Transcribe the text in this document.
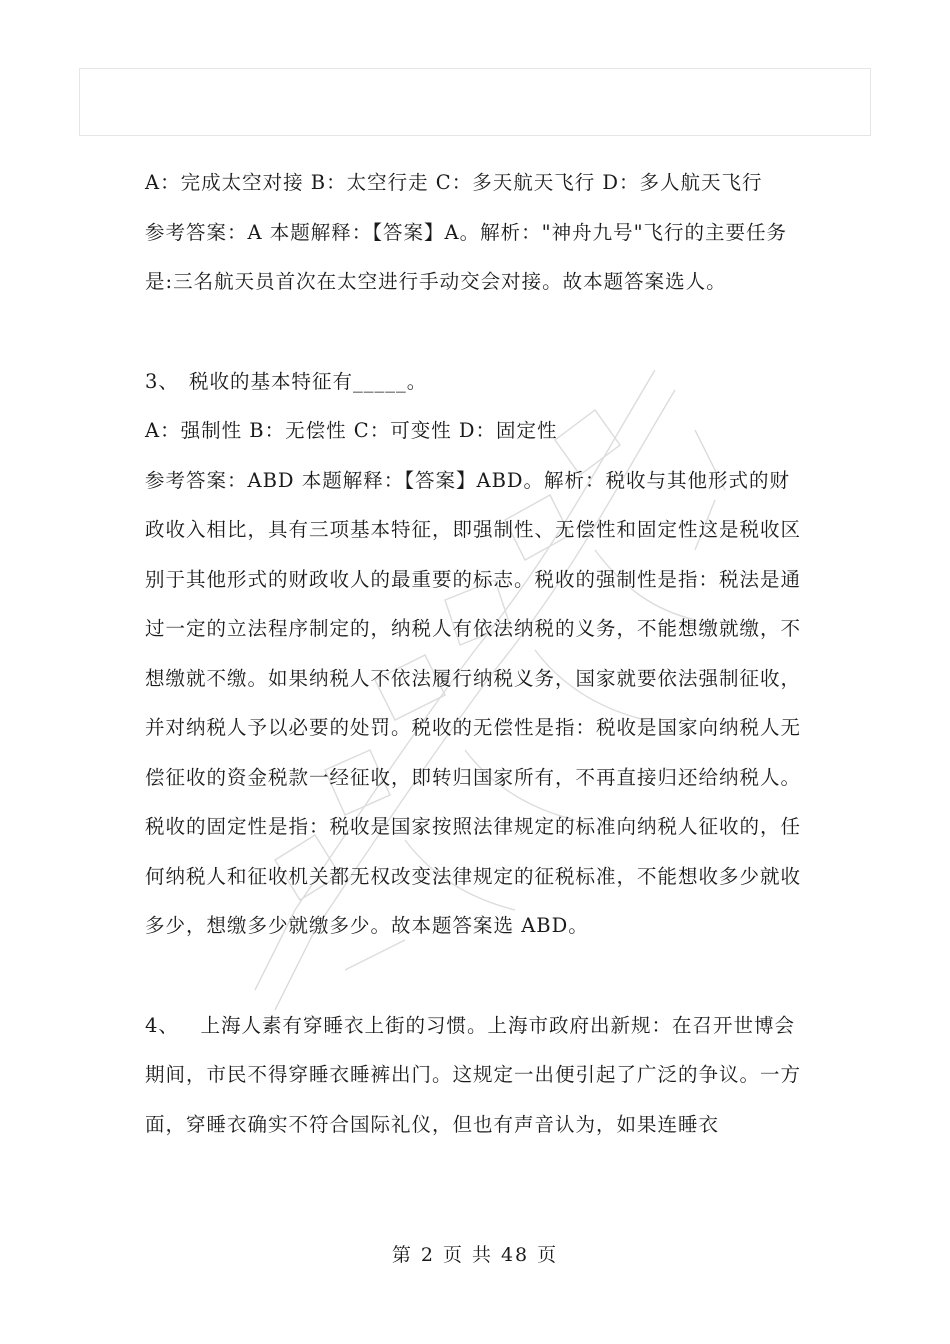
A：完成太空对接 B：太空行走 C：多天航天飞行 D：多人航天飞行

参考答案：A 本题解释：【答案】A。解析："神舟九号"飞行的主要任务是:三名航天员首次在太空进行手动交会对接。故本题答案选人。

3、 税收的基本特征有_____。

A：强制性 B：无偿性 C：可变性 D：固定性

参考答案：ABD 本题解释：【答案】ABD。解析：税收与其他形式的财政收入相比，具有三项基本特征，即强制性、无偿性和固定性这是税收区别于其他形式的财政收人的最重要的标志。税收的强制性是指：税法是通过一定的立法程序制定的，纳税人有依法纳税的义务，不能想缴就缴，不想缴就不缴。如果纳税人不依法履行纳税义务，国家就要依法强制征收，并对纳税人予以必要的处罚。税收的无偿性是指：税收是国家向纳税人无偿征收的资金税款一经征收，即转归国家所有，不再直接归还给纳税人。税收的固定性是指：税收是国家按照法律规定的标准向纳税人征收的，任何纳税人和征收机关都无权改变法律规定的征税标准，不能想收多少就收多少，想缴多少就缴多少。故本题答案选 ABD。

4、 上海人素有穿睡衣上街的习惯。上海市政府出新规：在召开世博会期间，市民不得穿睡衣睡裤出门。这规定一出便引起了广泛的争议。一方面，穿睡衣确实不符合国际礼仪，但也有声音认为，如果连睡衣

第 2 页 共 48 页
